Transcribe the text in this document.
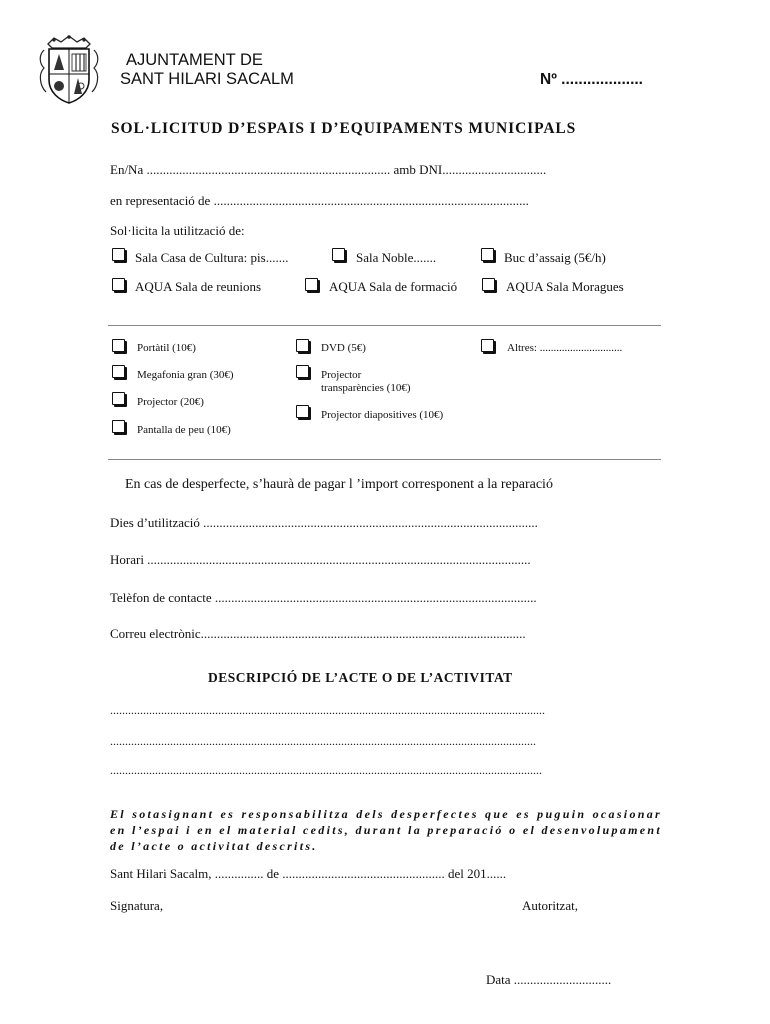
AJUNTAMENT DE
SANT HILARI SACALM	Nº ...................
SOL·LICITUD D’ESPAIS I D’EQUIPAMENTS MUNICIPALS
En/Na ........................................................................... amb DNI................................
en representació de .................................................................................................
Sol·licita la utilització de:
Sala Casa de Cultura: pis.......	Sala Noble.......	Buc d’assaig (5€/h)
AQUA Sala de reunions	AQUA Sala de formació	AQUA Sala Moragues
Portàtil (10€)
Megafonia gran (30€)
Projector (20€)
Pantalla de peu (10€)
DVD (5€)
Projector
transparències (10€)
Projector diapositives (10€)
Altres: ..............................
En cas de desperfecte, s’haurà de pagar l ’import corresponent a la reparació
Dies d’utilització .......................................................................................................
Horari ......................................................................................................................
Telèfon de contacte ...................................................................................................
Correu electrònic....................................................................................................
DESCRIPCIÓ DE L’ACTE O DE L’ACTIVITAT
.................................................................................................................................................
..............................................................................................................................................
................................................................................................................................................
El sotasignant es responsabilitza dels desperfectes que es puguin ocasionar en l’espai i en el material cedits, durant la preparació o el desenvolupament de l’acte o activitat descrits.
Sant Hilari Sacalm, ............... de .................................................. del 201......
Signatura,	Autoritzat,
Data ..............................
